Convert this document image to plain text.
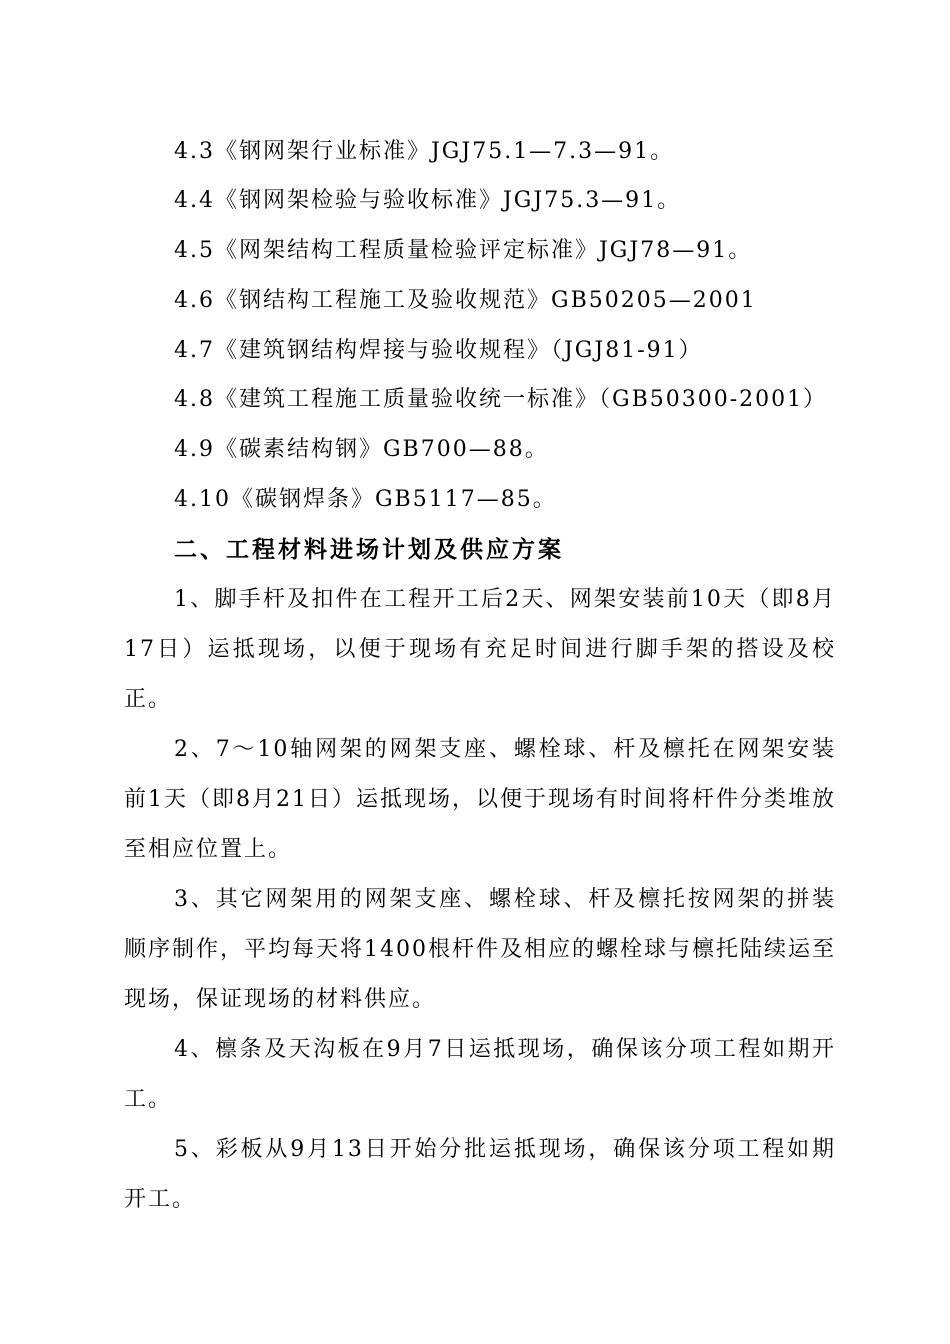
4.3《钢网架行业标准》JGJ75.1—7.3—91。
4.4《钢网架检验与验收标准》JGJ75.3—91。
4.5《网架结构工程质量检验评定标准》JGJ78—91。
4.6《钢结构工程施工及验收规范》GB50205—2001
4.7《建筑钢结构焊接与验收规程》（JGJ81-91）
4.8《建筑工程施工质量验收统一标准》（GB50300-2001）
4.9《碳素结构钢》GB700—88。
4.10《碳钢焊条》GB5117—85。
二、工程材料进场计划及供应方案

1、脚手杆及扣件在工程开工后2天、网架安装前10天（即8月17日）运抵现场，以便于现场有充足时间进行脚手架的搭设及校正。

2、7～10轴网架的网架支座、螺栓球、杆及檩托在网架安装前1天（即8月21日）运抵现场，以便于现场有时间将杆件分类堆放至相应位置上。

3、其它网架用的网架支座、螺栓球、杆及檩托按网架的拼装顺序制作，平均每天将1400根杆件及相应的螺栓球与檩托陆续运至现场，保证现场的材料供应。

4、檩条及天沟板在9月7日运抵现场，确保该分项工程如期开工。

5、彩板从9月13日开始分批运抵现场，确保该分项工程如期开工。
